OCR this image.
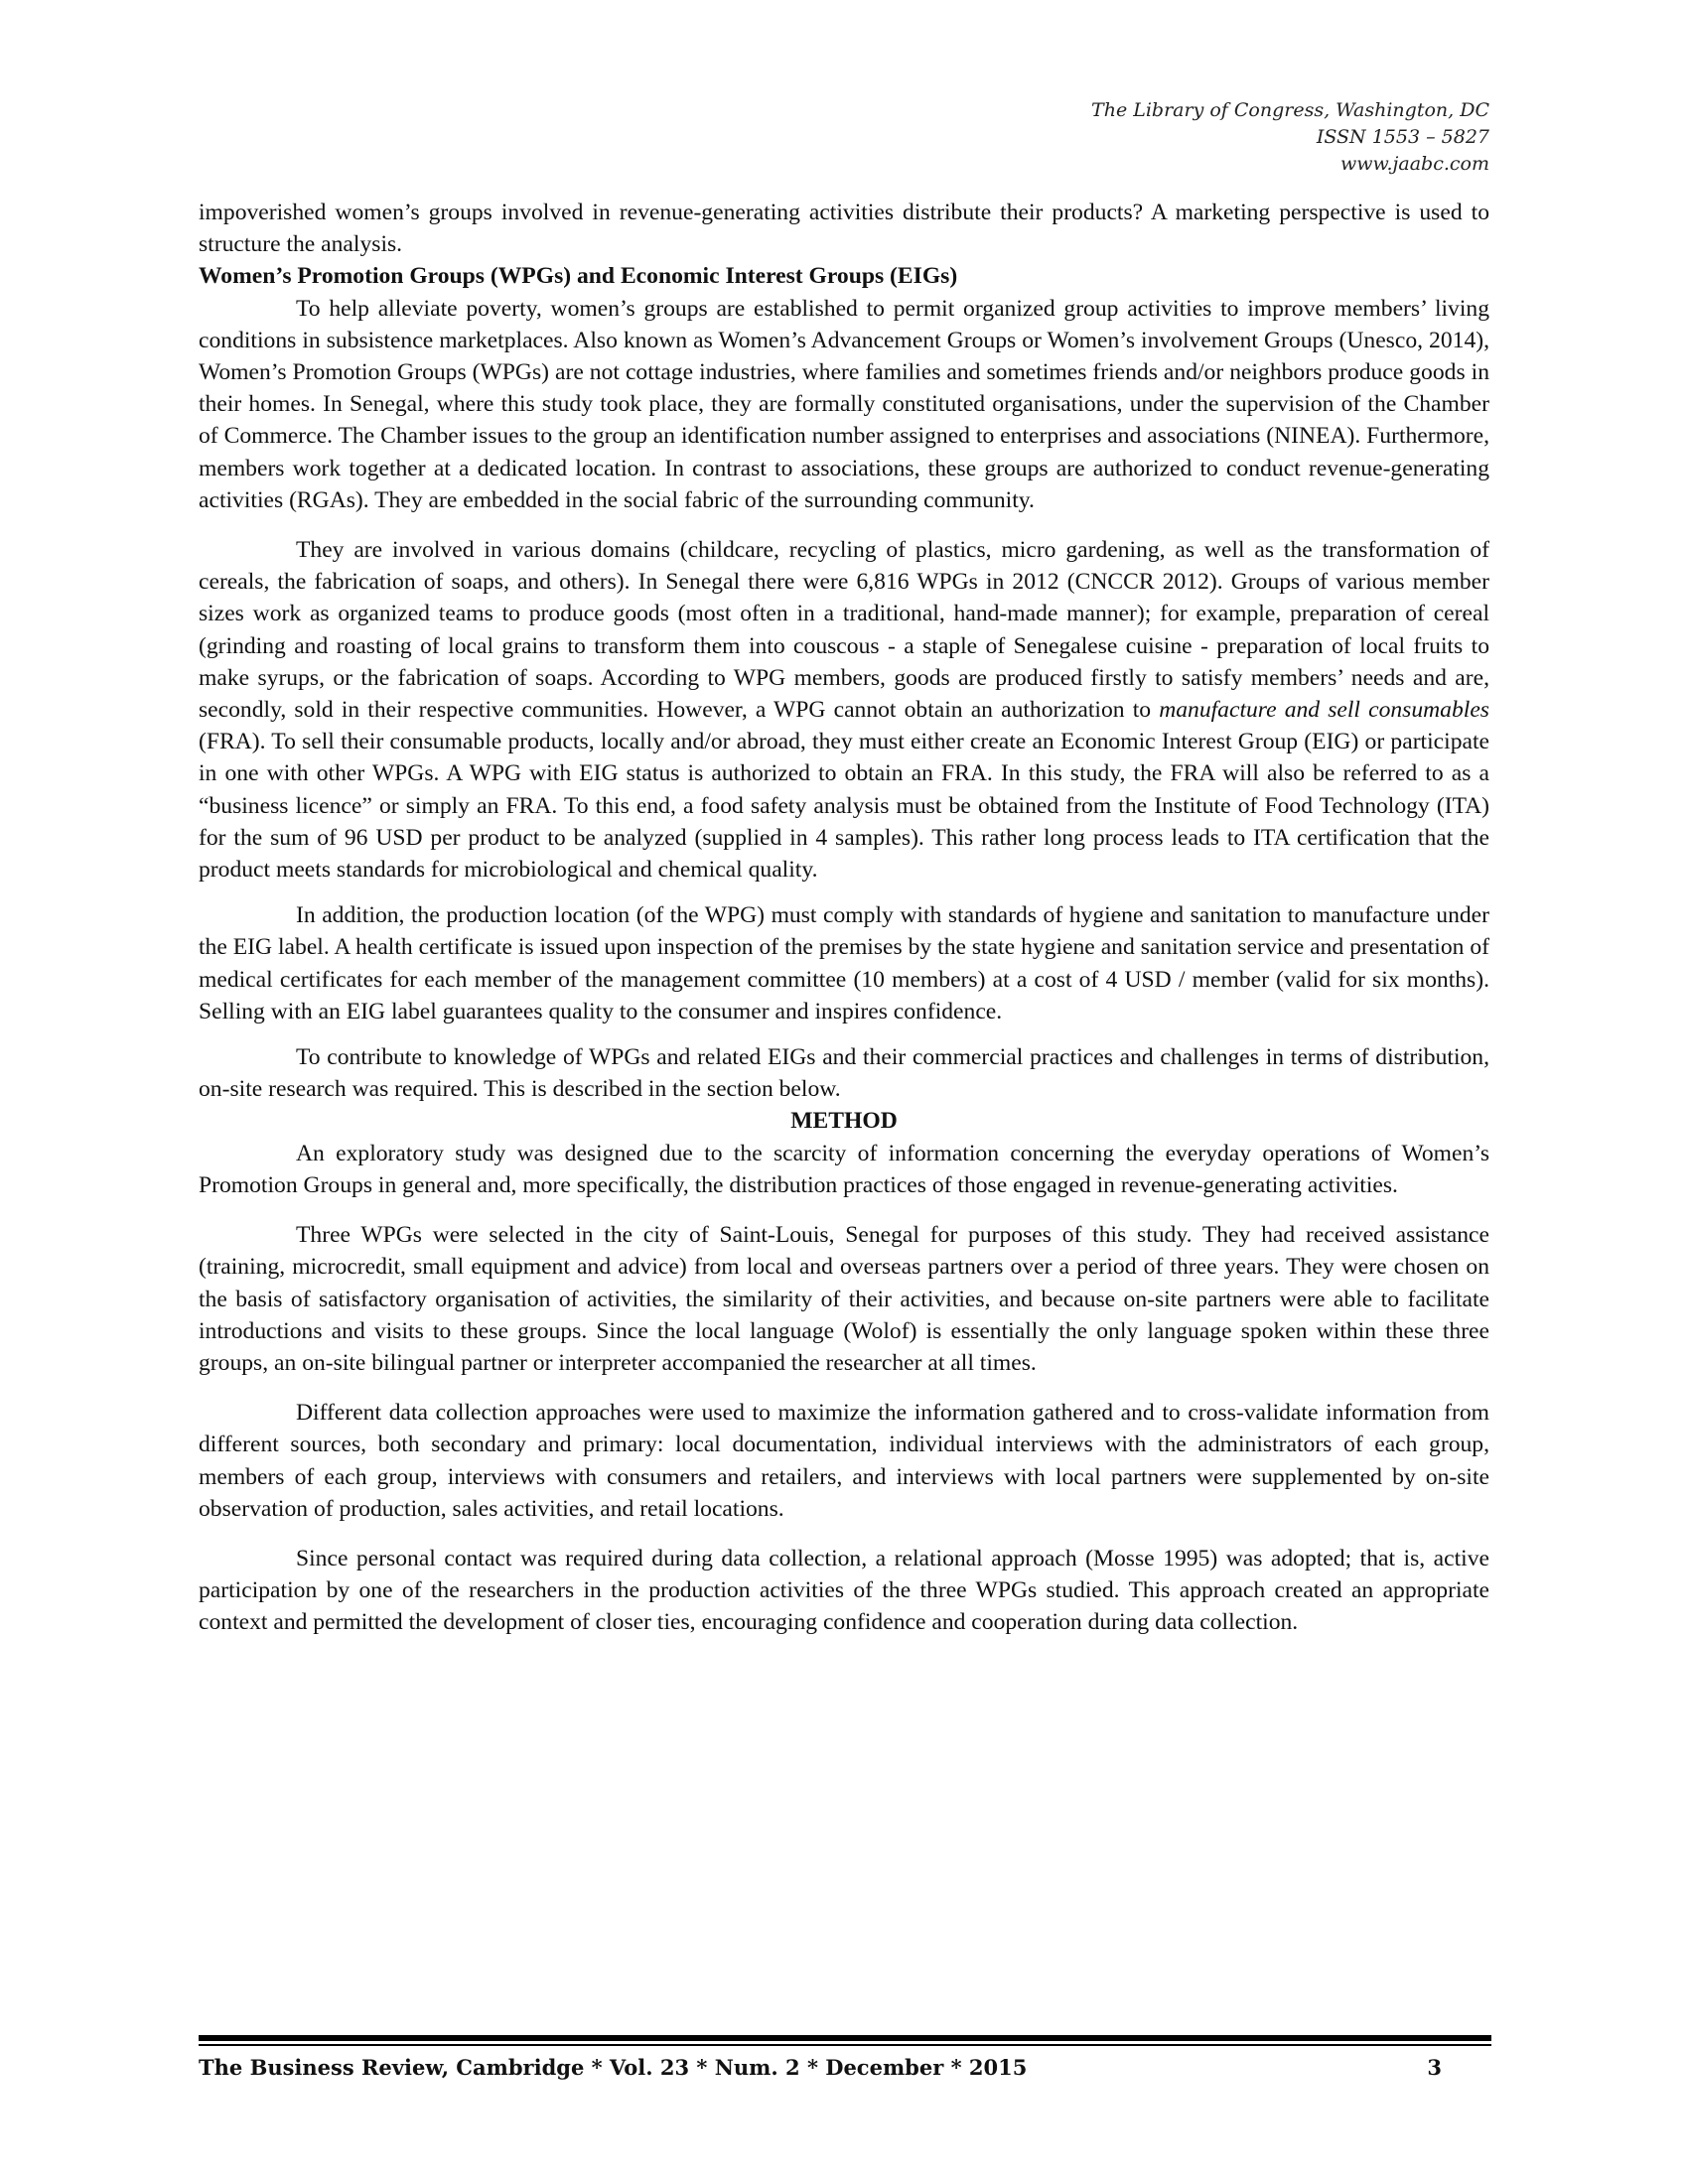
The Library of Congress, Washington, DC
ISSN 1553 – 5827
www.jaabc.com

impoverished women’s groups involved in revenue-generating activities distribute their products? A marketing perspective is used to structure the analysis.

Women’s Promotion Groups (WPGs) and Economic Interest Groups (EIGs)

To help alleviate poverty, women’s groups are established to permit organized group activities to improve members’ living conditions in subsistence marketplaces. Also known as Women’s Advancement Groups or Women’s involvement Groups (Unesco, 2014), Women’s Promotion Groups (WPGs) are not cottage industries, where families and sometimes friends and/or neighbors produce goods in their homes. In Senegal, where this study took place, they are formally constituted organisations, under the supervision of the Chamber of Commerce. The Chamber issues to the group an identification number assigned to enterprises and associations (NINEA). Furthermore, members work together at a dedicated location. In contrast to associations, these groups are authorized to conduct revenue-generating activities (RGAs). They are embedded in the social fabric of the surrounding community.

They are involved in various domains (childcare, recycling of plastics, micro gardening, as well as the transformation of cereals, the fabrication of soaps, and others). In Senegal there were 6,816 WPGs in 2012 (CNCCR 2012). Groups of various member sizes work as organized teams to produce goods (most often in a traditional, hand-made manner); for example, preparation of cereal (grinding and roasting of local grains to transform them into couscous - a staple of Senegalese cuisine - preparation of local fruits to make syrups, or the fabrication of soaps. According to WPG members, goods are produced firstly to satisfy members’ needs and are, secondly, sold in their respective communities. However, a WPG cannot obtain an authorization to manufacture and sell consumables (FRA). To sell their consumable products, locally and/or abroad, they must either create an Economic Interest Group (EIG) or participate in one with other WPGs. A WPG with EIG status is authorized to obtain an FRA. In this study, the FRA will also be referred to as a “business licence” or simply an FRA. To this end, a food safety analysis must be obtained from the Institute of Food Technology (ITA) for the sum of 96 USD per product to be analyzed (supplied in 4 samples). This rather long process leads to ITA certification that the product meets standards for microbiological and chemical quality.

In addition, the production location (of the WPG) must comply with standards of hygiene and sanitation to manufacture under the EIG label. A health certificate is issued upon inspection of the premises by the state hygiene and sanitation service and presentation of medical certificates for each member of the management committee (10 members) at a cost of 4 USD / member (valid for six months). Selling with an EIG label guarantees quality to the consumer and inspires confidence.

To contribute to knowledge of WPGs and related EIGs and their commercial practices and challenges in terms of distribution, on-site research was required. This is described in the section below.

METHOD

An exploratory study was designed due to the scarcity of information concerning the everyday operations of Women’s Promotion Groups in general and, more specifically, the distribution practices of those engaged in revenue-generating activities.

Three WPGs were selected in the city of Saint-Louis, Senegal for purposes of this study. They had received assistance (training, microcredit, small equipment and advice) from local and overseas partners over a period of three years. They were chosen on the basis of satisfactory organisation of activities, the similarity of their activities, and because on-site partners were able to facilitate introductions and visits to these groups. Since the local language (Wolof) is essentially the only language spoken within these three groups, an on-site bilingual partner or interpreter accompanied the researcher at all times.

Different data collection approaches were used to maximize the information gathered and to cross-validate information from different sources, both secondary and primary: local documentation, individual interviews with the administrators of each group, members of each group, interviews with consumers and retailers, and interviews with local partners were supplemented by on-site observation of production, sales activities, and retail locations.

Since personal contact was required during data collection, a relational approach (Mosse 1995) was adopted; that is, active participation by one of the researchers in the production activities of the three WPGs studied. This approach created an appropriate context and permitted the development of closer ties, encouraging confidence and cooperation during data collection.

The Business Review, Cambridge * Vol. 23 * Num. 2 * December * 2015	3
